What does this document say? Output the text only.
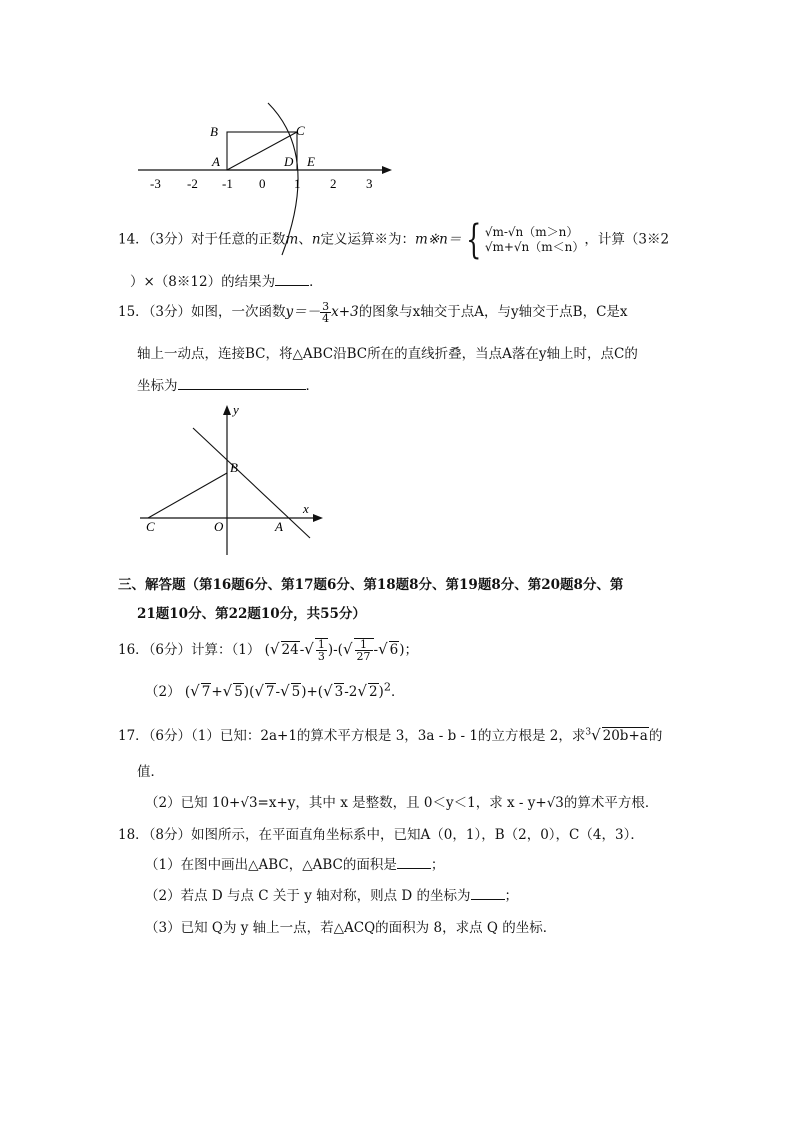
B	C
A	D E
-3 -2 -1 0 1 2 3
14．（3分）对于任意的正数m、n定义运算※为：m※n＝ { √m-√n（m＞n）
√m+√n（m＜n） ，计算（3※2
）×（8※12）的结果为	．
15．（3分）如图，一次函数$y=- \frac{3}{4} x+3$的图象与x轴交于点A，与y轴交于点B，C是x
轴上一动点，连接BC，将△ABC沿BC所在的直线折叠，当点A落在y轴上时，点C的
坐标为	．
y
x
B
C	O	A
三、解答题（第16题6分、第17题6分、第18题8分、第19题8分、第20题8分、第
21题10分、第22题10分，共55分）
16．（6分）计算：（1） (√ $24-√ \frac{1}{3}$ )-(√ $\frac{1}{27}$ -√ 6)；
（2） (√ 7+√ 5)(√ 7-√ 5)+(√ 3-2√ 2)$^2$．
17．（6分）（1）已知：2a+1的算术平方根是 3，3a - b - 1的立方根是 2，求$^3$√ 20b+a的
值．
（2）已知 10+√3=x+y，其中 x 是整数，且 0＜y＜1，求 x - y+√3的算术平方根．
18．（8分）如图所示，在平面直角坐标系中，已知A（0，1），B（2，0），C（4，3）．
（1）在图中画出△ABC，△ABC的面积是	；
（2）若点 D 与点 C 关于 y 轴对称，则点 D 的坐标为	；
（3）已知 Q为 y 轴上一点，若△ACQ的面积为 8，求点 Q 的坐标．
